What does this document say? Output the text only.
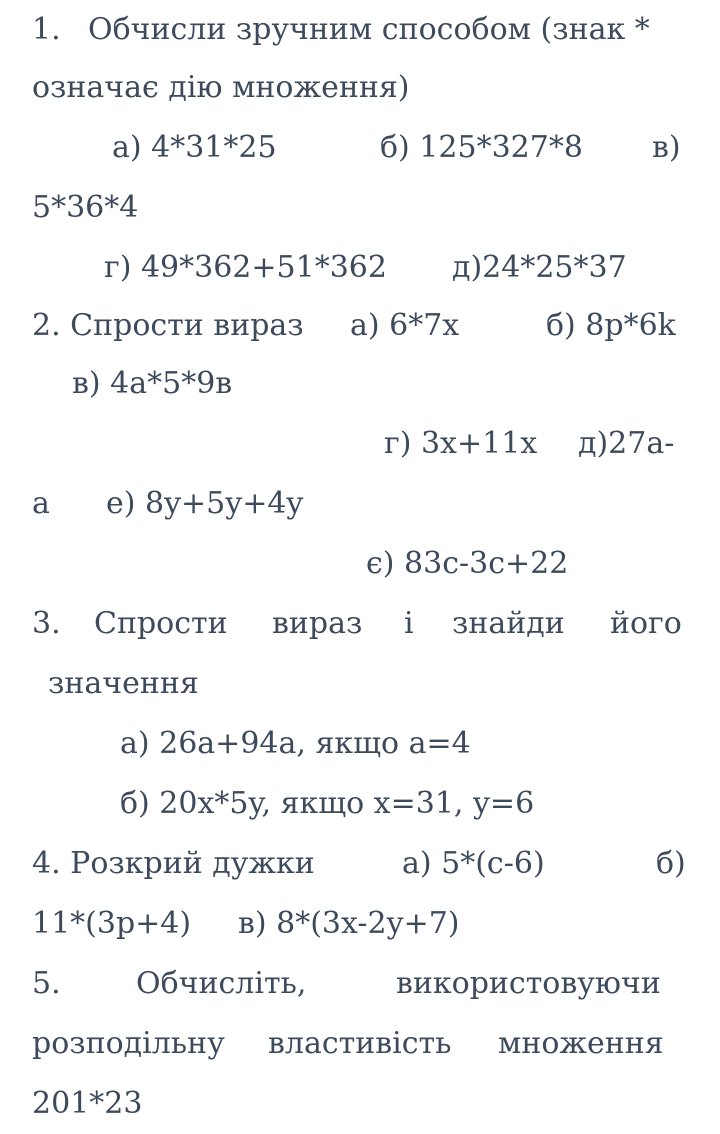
1. Обчисли зручним способом (знак *
означає дію множення)
а) 4*31*25	б) 125*327*8 в)
5*36*4
г) 49*362+51*362 д)24*25*37
2. Спрости вираз а) 6*7x	б) 8p*6k
в) 4а*5*9в
г) 3x+11x д)27а-
а е) 8y+5y+4y
є) 83c-3c+22
3. Спрости вираз і знайди його
значення
а) 26а+94а, якщо а=4
б) 20x*5y, якщо x=31, y=6
4. Розкрий дужки	а) 5*(c-6)	б)
11*(3p+4) в) 8*(3x-2y+7)
5.	Обчисліть,	використовуючи
розподільну властивість множення
201*23
